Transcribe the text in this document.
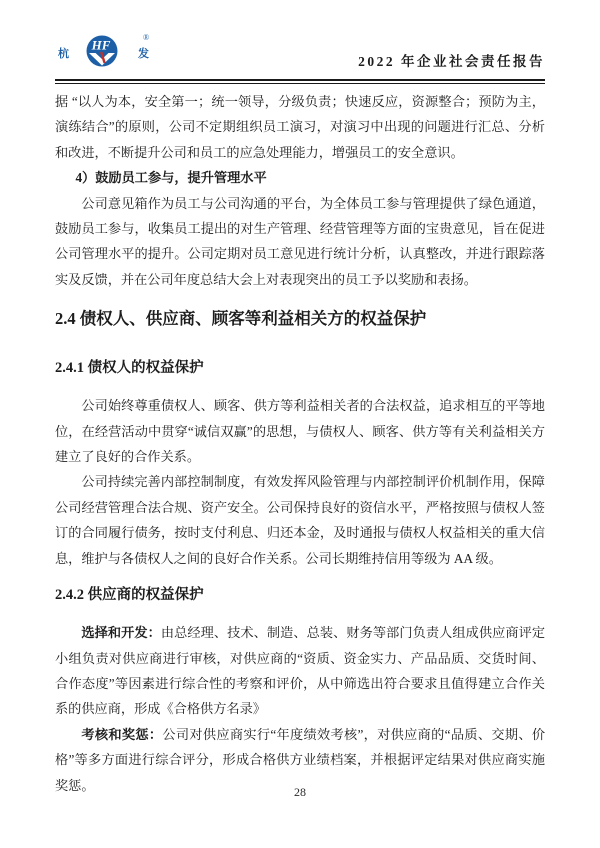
杭
HF
发
®
2022 年企业社会责任报告

据 “以人为本，安全第一；统一领导，分级负责；快速反应，资源整合；预防为主，演练结合”的原则，公司不定期组织员工演习，对演习中出现的问题进行汇总、分析和改进，不断提升公司和员工的应急处理能力，增强员工的安全意识。

4）鼓励员工参与，提升管理水平

公司意见箱作为员工与公司沟通的平台，为全体员工参与管理提供了绿色通道，鼓励员工参与，收集员工提出的对生产管理、经营管理等方面的宝贵意见，旨在促进公司管理水平的提升。公司定期对员工意见进行统计分析，认真整改，并进行跟踪落实及反馈，并在公司年度总结大会上对表现突出的员工予以奖励和表扬。

2.4 债权人、供应商、顾客等利益相关方的权益保护
2.4.1 债权人的权益保护

公司始终尊重债权人、顾客、供方等利益相关者的合法权益，追求相互的平等地位，在经营活动中贯穿“诚信双赢”的思想，与债权人、顾客、供方等有关利益相关方建立了良好的合作关系。

公司持续完善内部控制制度，有效发挥风险管理与内部控制评价机制作用，保障公司经营管理合法合规、资产安全。公司保持良好的资信水平，严格按照与债权人签订的合同履行债务，按时支付利息、归还本金，及时通报与债权人权益相关的重大信息，维护与各债权人之间的良好合作关系。公司长期维持信用等级为 AA 级。

2.4.2 供应商的权益保护

选择和开发：由总经理、技术、制造、总装、财务等部门负责人组成供应商评定小组负责对供应商进行审核，对供应商的“资质、资金实力、产品品质、交货时间、合作态度”等因素进行综合性的考察和评价，从中筛选出符合要求且值得建立合作关系的供应商，形成《合格供方名录》

考核和奖惩：公司对供应商实行“年度绩效考核”，对供应商的“品质、交期、价格”等多方面进行综合评分，形成合格供方业绩档案，并根据评定结果对供应商实施奖惩。	28
